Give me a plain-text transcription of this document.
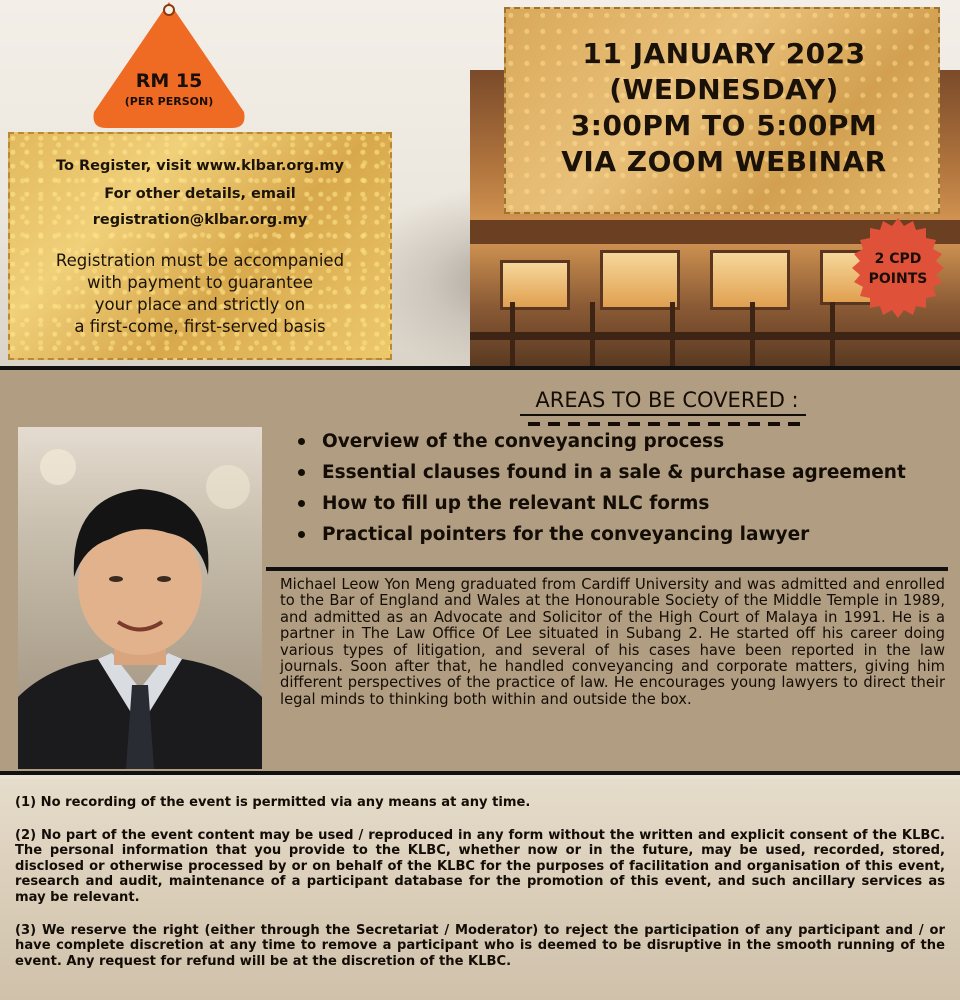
RM 15
(PER PERSON)
To Register, visit www.klbar.org.my
For other details, email
registration@klbar.org.my
Registration must be accompanied
with payment to guarantee
your place and strictly on
a first-come, first-served basis
11 JANUARY 2023
(WEDNESDAY)
3:00PM TO 5:00PM
VIA ZOOM WEBINAR
2 CPD
POINTS
AREAS TO BE COVERED :
Overview of the conveyancing process
Essential clauses found in a sale & purchase agreement
How to fill up the relevant NLC forms
Practical pointers for the conveyancing lawyer
Michael Leow Yon Meng graduated from Cardiff University and was admitted and enrolled to the Bar of England and Wales at the Honourable Society of the Middle Temple in 1989, and admitted as an Advocate and Solicitor of the High Court of Malaya in 1991. He is a partner in The Law Office Of Lee situated in Subang 2. He started off his career doing various types of litigation, and several of his cases have been reported in the law journals. Soon after that, he handled conveyancing and corporate matters, giving him different perspectives of the practice of law. He encourages young lawyers to direct their legal minds to thinking both within and outside the box.
(1) No recording of the event is permitted via any means at any time.
(2) No part of the event content may be used / reproduced in any form without the written and explicit consent of the KLBC. The personal information that you provide to the KLBC, whether now or in the future, may be used, recorded, stored, disclosed or otherwise processed by or on behalf of the KLBC for the purposes of facilitation and organisation of this event, research and audit, maintenance of a participant database for the promotion of this event, and such ancillary services as may be relevant.
(3) We reserve the right (either through the Secretariat / Moderator) to reject the participation of any participant and / or have complete discretion at any time to remove a participant who is deemed to be disruptive in the smooth running of the event. Any request for refund will be at the discretion of the KLBC.
